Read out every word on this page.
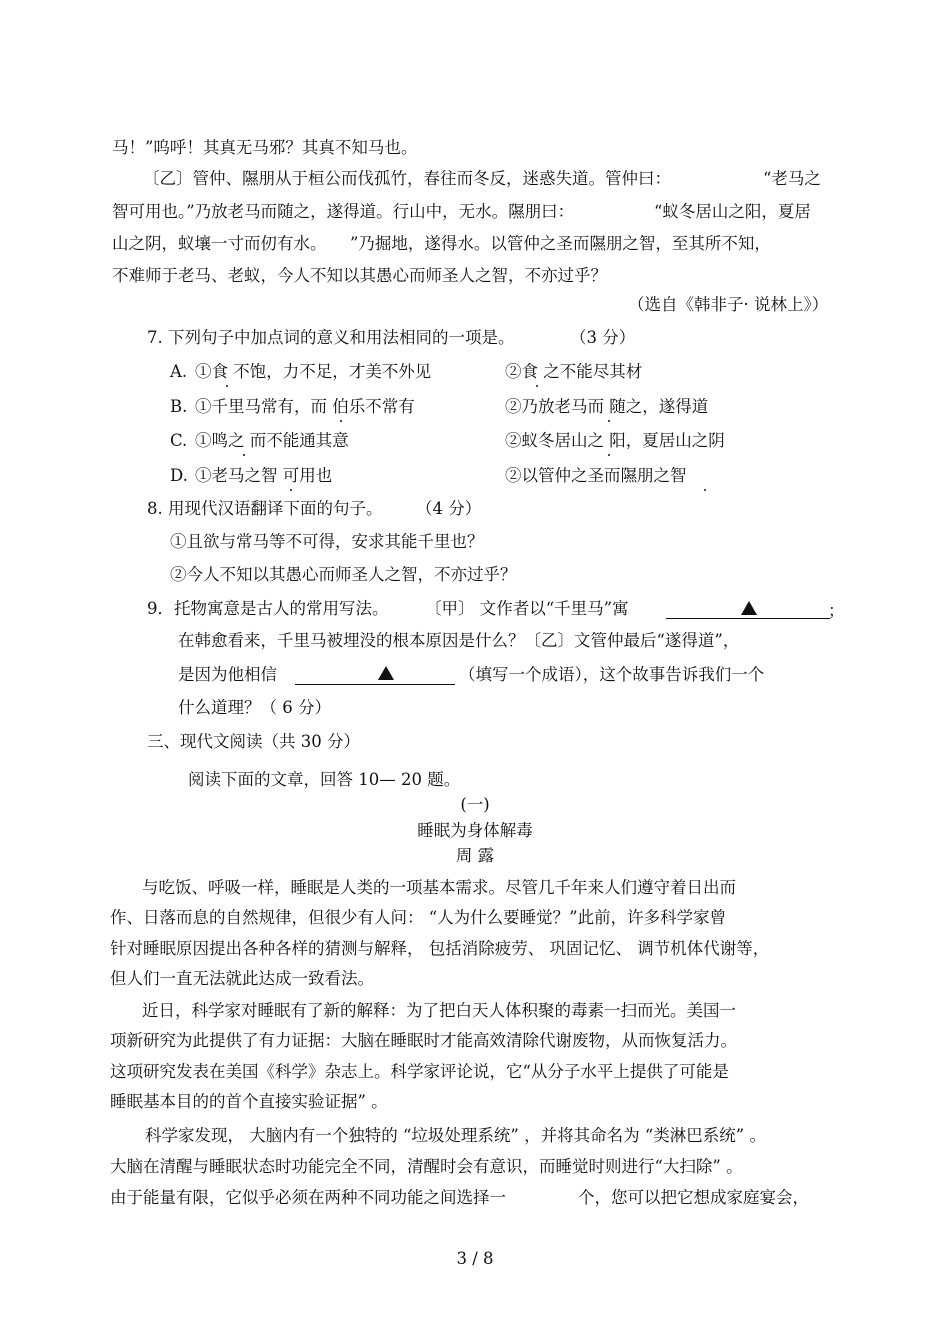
马！”呜呼！其真无马邪？其真不知马也。
〔乙〕管仲、隰朋从于桓公而伐孤竹，春往而冬反，迷惑失道。管仲曰：	“老马之
智可用也。”乃放老马而随之，遂得道。行山中，无水。隰朋曰：	“蚁冬居山之阳，夏居
山之阴，蚁壤一寸而仞有水。 ”乃掘地，遂得水。以管仲之圣而隰朋之智，至其所不知，
不难师于老马、老蚁，今人不知以其愚心而师圣人之智，不亦过乎？
（选自《韩非子· 说林上》）
7. 下列句子中加点词的意义和用法相同的一项是。	（3 分）
A. ①食 不饱，力不足，才美不外见	②食 之不能尽其材
B. ①千里马常有，而 伯乐不常有	②乃放老马而 随之，遂得道
C. ①鸣之 而不能通其意	②蚁冬居山之 阳，夏居山之阴
D. ①老马之智 可用也	②以管仲之圣而隰朋之智
8. 用现代汉语翻译下面的句子。 （4 分）
①且欲与常马等不可得，安求其能千里也？
②今人不知以其愚心而师圣人之智，不亦过乎？
9．托物寓意是古人的常用写法。 〔甲〕 文作者以“千里马”寓	；
在韩愈看来，千里马被埋没的根本原因是什么？〔乙〕文管仲最后“遂得道”，
是因为他相信	（填写一个成语），这个故事告诉我们一个
什么道理？（ 6 分）
三、现代文阅读（共 30 分）
阅读下面的文章，回答 10— 20 题。
(一)
睡眠为身体解毒
周 露
与吃饭、呼吸一样，睡眠是人类的一项基本需求。尽管几千年来人们遵守着日出而
作、日落而息的自然规律，但很少有人问： “人为什么要睡觉？”此前，许多科学家曾
针对睡眠原因提出各种各样的猜测与解释， 包括消除疲劳、 巩固记忆、 调节机体代谢等，
但人们一直无法就此达成一致看法。
近日，科学家对睡眠有了新的解释：为了把白天人体积聚的毒素一扫而光。美国一
项新研究为此提供了有力证据：大脑在睡眠时才能高效清除代谢废物，从而恢复活力。
这项研究发表在美国《科学》杂志上。科学家评论说，它“从分子水平上提供了可能是
睡眠基本目的的首个直接实验证据” 。
科学家发现， 大脑内有一个独特的 “垃圾处理系统” ，并将其命名为 “类淋巴系统” 。
大脑在清醒与睡眠状态时功能完全不同，清醒时会有意识，而睡觉时则进行“大扫除” 。
由于能量有限，它似乎必须在两种不同功能之间选择一	个，您可以把它想成家庭宴会，
3 / 8
